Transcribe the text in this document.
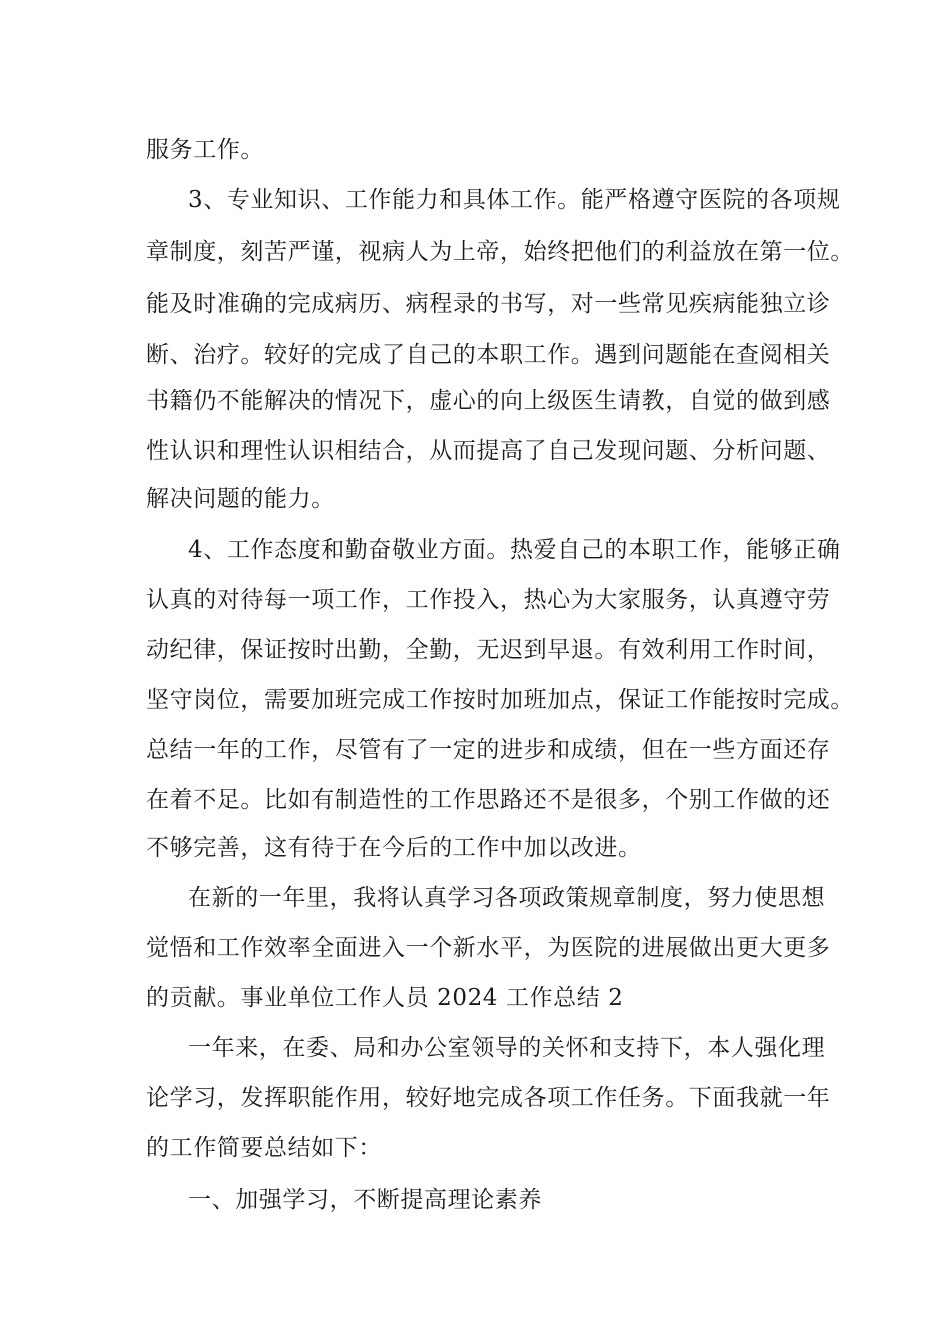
服务工作。
3、专业知识、工作能力和具体工作。能严格遵守医院的各项规
章制度，刻苦严谨，视病人为上帝，始终把他们的利益放在第一位。
能及时准确的完成病历、病程录的书写，对一些常见疾病能独立诊
断、治疗。较好的完成了自己的本职工作。遇到问题能在查阅相关
书籍仍不能解决的情况下，虚心的向上级医生请教，自觉的做到感
性认识和理性认识相结合，从而提高了自己发现问题、分析问题、
解决问题的能力。
4、工作态度和勤奋敬业方面。热爱自己的本职工作，能够正确
认真的对待每一项工作，工作投入，热心为大家服务，认真遵守劳
动纪律，保证按时出勤，全勤，无迟到早退。有效利用工作时间，
坚守岗位，需要加班完成工作按时加班加点，保证工作能按时完成。
总结一年的工作，尽管有了一定的进步和成绩，但在一些方面还存
在着不足。比如有制造性的工作思路还不是很多，个别工作做的还
不够完善，这有待于在今后的工作中加以改进。
在新的一年里，我将认真学习各项政策规章制度，努力使思想
觉悟和工作效率全面进入一个新水平，为医院的进展做出更大更多
的贡献。事业单位工作人员 2024 工作总结 2
一年来，在委、局和办公室领导的关怀和支持下，本人强化理
论学习，发挥职能作用，较好地完成各项工作任务。下面我就一年
的工作简要总结如下：
一、加强学习，不断提高理论素养
